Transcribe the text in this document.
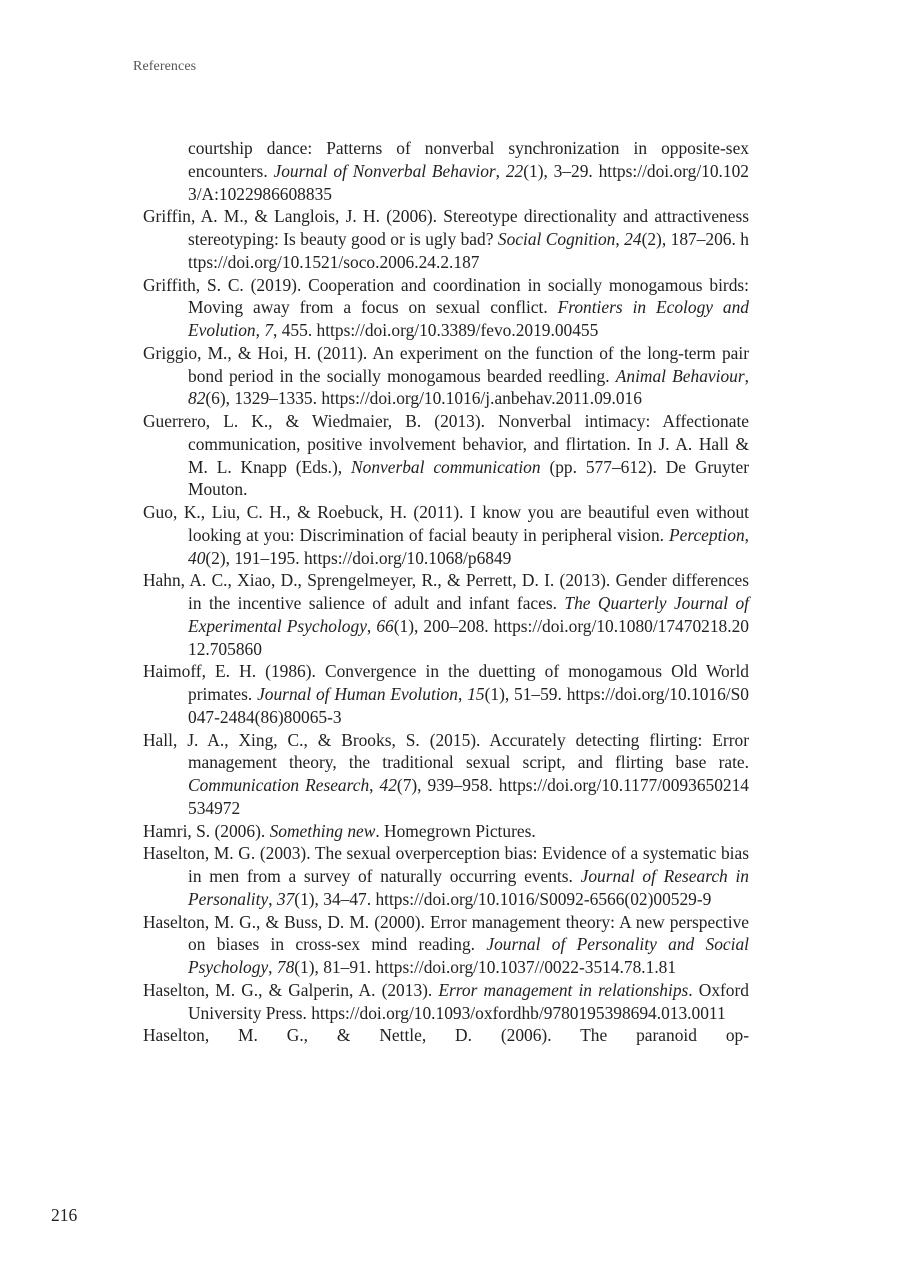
References
courtship dance: Patterns of nonverbal synchronization in opposite-sex encounters. Journal of Nonverbal Behavior, 22(1), 3–29. https://doi.org/10.1023/A:1022986608835
Griffin, A. M., & Langlois, J. H. (2006). Stereotype directionality and attractiveness stereotyping: Is beauty good or is ugly bad? Social Cognition, 24(2), 187–206. https://doi.org/10.1521/soco.2006.24.2.187
Griffith, S. C. (2019). Cooperation and coordination in socially monogamous birds: Moving away from a focus on sexual conflict. Frontiers in Ecology and Evolution, 7, 455. https://doi.org/10.3389/fevo.2019.00455
Griggio, M., & Hoi, H. (2011). An experiment on the function of the long-term pair bond period in the socially monogamous bearded reedling. Animal Behaviour, 82(6), 1329–1335. https://doi.org/10.1016/j.anbehav.2011.09.016
Guerrero, L. K., & Wiedmaier, B. (2013). Nonverbal intimacy: Affectionate communication, positive involvement behavior, and flirtation. In J. A. Hall & M. L. Knapp (Eds.), Nonverbal communication (pp. 577–612). De Gruyter Mouton.
Guo, K., Liu, C. H., & Roebuck, H. (2011). I know you are beautiful even without looking at you: Discrimination of facial beauty in peripheral vision. Perception, 40(2), 191–195. https://doi.org/10.1068/p6849
Hahn, A. C., Xiao, D., Sprengelmeyer, R., & Perrett, D. I. (2013). Gender differences in the incentive salience of adult and infant faces. The Quarterly Journal of Experimental Psychology, 66(1), 200–208. https://doi.org/10.1080/17470218.2012.705860
Haimoff, E. H. (1986). Convergence in the duetting of monogamous Old World primates. Journal of Human Evolution, 15(1), 51–59. https://doi.org/10.1016/S0047-2484(86)80065-3
Hall, J. A., Xing, C., & Brooks, S. (2015). Accurately detecting flirting: Error management theory, the traditional sexual script, and flirting base rate. Communication Research, 42(7), 939–958. https://doi.org/10.1177/0093650214534972
Hamri, S. (2006). Something new. Homegrown Pictures.
Haselton, M. G. (2003). The sexual overperception bias: Evidence of a systematic bias in men from a survey of naturally occurring events. Journal of Research in Personality, 37(1), 34–47. https://doi.org/10.1016/S0092-6566(02)00529-9
Haselton, M. G., & Buss, D. M. (2000). Error management theory: A new perspective on biases in cross-sex mind reading. Journal of Personality and Social Psychology, 78(1), 81–91. https://doi.org/10.1037//0022-3514.78.1.81
Haselton, M. G., & Galperin, A. (2013). Error management in relationships. Oxford University Press. https://doi.org/10.1093/oxfordhb/9780195398694.013.0011
Haselton, M. G., & Nettle, D. (2006). The paranoid op-
216
